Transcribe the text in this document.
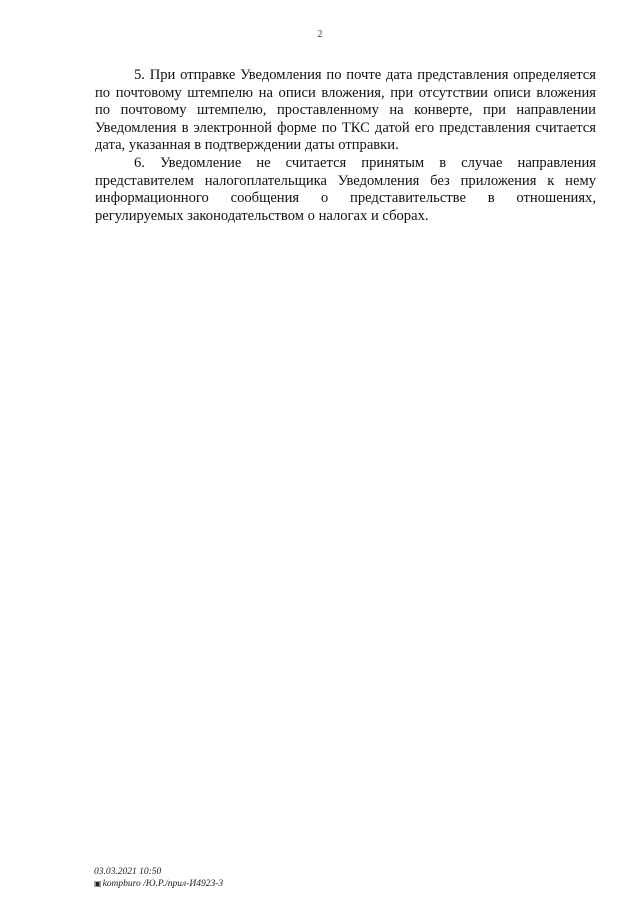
2

5. При отправке Уведомления по почте дата представления определяется по почтовому штемпелю на описи вложения, при отсутствии описи вложения по почтовому штемпелю, проставленному на конверте, при направлении Уведомления в электронной форме по ТКС датой его представления считается дата, указанная в подтверждении даты отправки.

6. Уведомление не считается принятым в случае направления представителем налогоплательщика Уведомления без приложения к нему информационного сообщения о представительстве в отношениях, регулируемых законодательством о налогах и сборах.

03.03.2021 10:50
▣kompburo /Ю.Р./прил-И4923-3
